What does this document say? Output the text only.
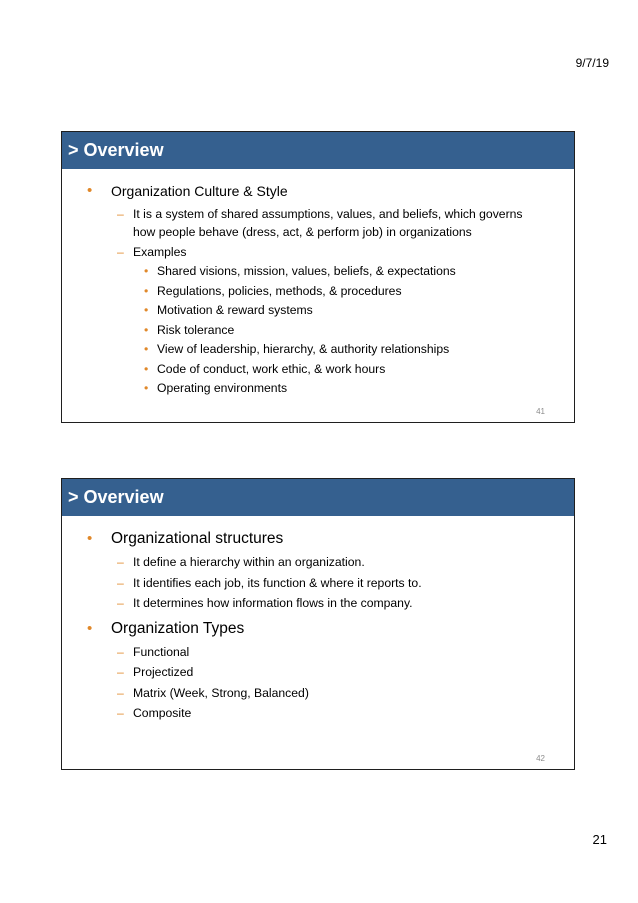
9/7/19
> Overview
• Organization Culture & Style
– It is a system of shared assumptions, values, and beliefs, which governs
how people behave (dress, act, & perform job) in organizations
– Examples
• Shared visions, mission, values, beliefs, & expectations
• Regulations, policies, methods, & procedures
• Motivation & reward systems
• Risk tolerance
• View of leadership, hierarchy, & authority relationships
• Code of conduct, work ethic, & work hours
• Operating environments
41
> Overview
• Organizational structures
– It define a hierarchy within an organization.
– It identifies each job, its function & where it reports to.
– It determines how information flows in the company.
• Organization Types
– Functional
– Projectized
– Matrix (Week, Strong, Balanced)
– Composite
42
21
